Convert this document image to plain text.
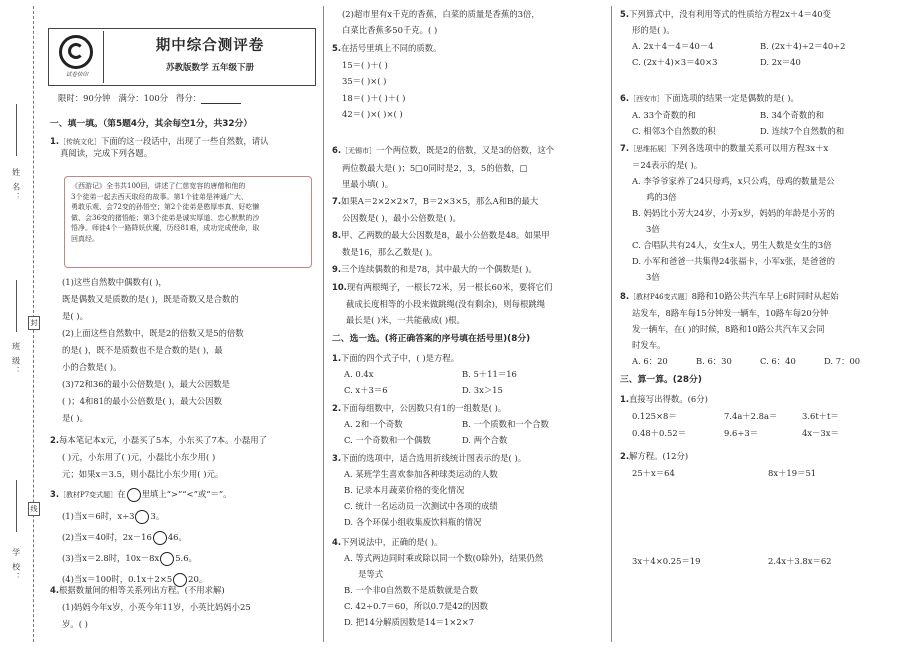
姓 名：
封
班 级：
线
学 校：
试卷快印
期中综合测评卷
苏教版数学 五年级下册
限时：90分钟 满分：100分 得分：
一、填一填。（第5题4分，其余每空1分，共32分）
1.［传统文化］下面的这一段话中，出现了一些自然数，请认
真阅读，完成下列各题。
《西游记》全书共100回，讲述了仁慈宽容的唐僧和他的
3个徒弟一起去西天取经的故事。第1个徒弟是神通广大、
勇敢乐观、会72变的孙悟空；第2个徒弟是憨厚率真、好吃懒
做、会36变的猪悟能；第3个徒弟是诚实厚道、忠心默默的沙
悟净。师徒4个一路降妖伏魔，历经81难，成功完成使命，取
回真经。
(1)这些自然数中偶数有( )，
既是偶数又是质数的是( )，既是奇数又是合数的
是( )。
(2)上面这些自然数中，既是2的倍数又是5的倍数
的是( )，既不是质数也不是合数的是( )，最
小的合数是( )。
(3)72和36的最小公倍数是( )，最大公因数是
( )；4和81的最小公倍数是( )，最大公因数
是( )。
2.每本笔记本x元，小磊买了5本，小东买了7本。小磊用了
( )元，小东用了( )元，小磊比小东少用( )
元；如果x＝3.5，则小磊比小东少用( )元。
3.［教材P7变式题］在 里填上“>”“<”或“＝”。
(1)当x＝6时，x÷3 3。
(2)当x＝40时，2x－16 46。
(3)当x＝2.8时，10x－8x 5.6。
(4)当x＝100时，0.1x＋2×5 20。
4.根据数量间的相等关系列出方程。(不用求解)
(1)妈妈今年x岁，小英今年11岁，小英比妈妈小25
岁。( )
(2)超市里有x千克的香蕉，白菜的质量是香蕉的3倍，
白菜比香蕉多50千克。( )
5.在括号里填上不同的质数。
15＝( )＋( )
35＝( )×( )
18＝( )＋( )＋( )
42＝( )×( )×( )
6.［无锡市］一个两位数，既是2的倍数，又是3的倍数，这个
两位数最大是( )；5□0同时是2，3，5的倍数，□
里最小填( )。
7.如果A＝2×2×2×7，B＝2×3×5，那么A和B的最大
公因数是( )，最小公倍数是( )。
8.甲、乙两数的最大公因数是8，最小公倍数是48。如果甲
数是16，那么乙数是( )。
9.三个连续偶数的和是78，其中最大的一个偶数是( )。
10.现有两根绳子，一根长72米，另一根长60米，要将它们
截成长度相等的小段来做跳绳(没有剩余)，则每根跳绳
最长是( )米，一共能截成( )根。
二、选一选。(将正确答案的序号填在括号里)(8分)
1.下面的四个式子中，( )是方程。
A. 0.4x	B. 5＋11＝16
C. x＋3＝6	D. 3x＞15
2.下面每组数中，公因数只有1的一组数是( )。
A. 2和一个奇数	B. 一个质数和一个合数
C. 一个奇数和一个偶数	D. 两个合数
3.下面的选项中，适合选用折线统计图表示的是( )。
A. 某班学生喜欢参加各种球类运动的人数
B. 记录本月蔬菜价格的变化情况
C. 统计一名运动员一次测试中各项的成绩
D. 各个环保小组收集废饮料瓶的情况
4.下列说法中，正确的是( )。
A. 等式两边同时乘或除以同一个数(0除外)，结果仍然
是等式
B. 一个非0自然数不是质数就是合数
C. 42÷0.7＝60，所以0.7是42的因数
D. 把14分解质因数是14＝1×2×7
5.下列算式中，没有利用等式的性质给方程2x＋4＝40变
形的是( )。
A. 2x＋4－4＝40－4	B. (2x＋4)÷2＝40÷2
C. (2x＋4)×3＝40×3	D. 2x＝40
6.［西安市］下面选项的结果一定是偶数的是( )。
A. 33个奇数的和	B. 34个奇数的和
C. 相邻3个自然数的积	D. 连续7个自然数的和
7.［思维拓展］下列各选项中的数量关系可以用方程3x＋x
＝24表示的是( )。
A. 李爷爷家养了24只母鸡，x只公鸡，母鸡的数量是公
鸡的3倍
B. 妈妈比小芳大24岁，小芳x岁，妈妈的年龄是小芳的
3倍
C. 合唱队共有24人，女生x人，男生人数是女生的3倍
D. 小军和爸爸一共集得24张福卡，小军x张，是爸爸的
3倍
8.［教材P46变式题］8路和10路公共汽车早上6时同时从起始
站发车，8路车每15分钟发一辆车，10路车每20分钟
发一辆车，在( )的时候，8路和10路公共汽车又会同
时发车。
A. 6：20	B. 6：30	C. 6：40	D. 7：00
三、算一算。(28分)
1.直接写出得数。(6分)
0.125×8＝	7.4a＋2.8a＝	3.6t＋t＝
0.48＋0.52＝	9.6÷3＝	4x－3x＝
2.解方程。(12分)
25＋x＝64	8x＋19＝51
3x＋4×0.25＝19	2.4x＋3.8x＝62
